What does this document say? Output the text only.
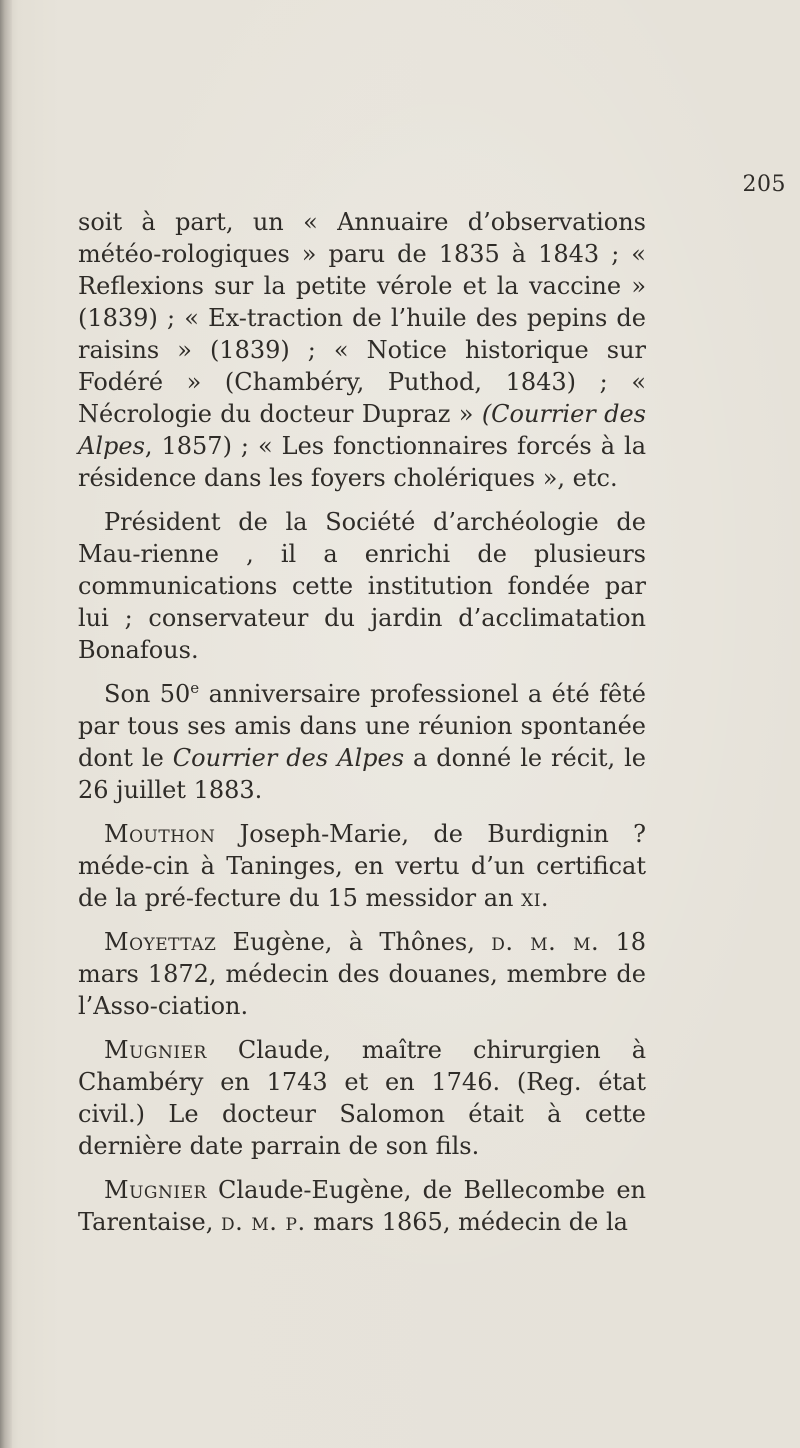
205

soit à part, un « Annuaire d’observations météo-rologiques » paru de 1835 à 1843 ; « Reflexions sur la petite vérole et la vaccine » (1839) ; « Ex-traction de l’huile des pepins de raisins » (1839) ; « Notice historique sur Fodéré » (Chambéry, Puthod, 1843) ; « Nécrologie du docteur Dupraz » (Courrier des Alpes, 1857) ; « Les fonctionnaires forcés à la résidence dans les foyers cholériques », etc.

Président de la Société d’archéologie de Mau-rienne , il a enrichi de plusieurs communications cette institution fondée par lui ; conservateur du jardin d’acclimatation Bonafous.

Son 50e anniversaire professionel a été fêté par tous ses amis dans une réunion spontanée dont le Courrier des Alpes a donné le récit, le 26 juillet 1883.

Mouthon Joseph-Marie, de Burdignin ? méde-cin à Taninges, en vertu d’un certificat de la pré-fecture du 15 messidor an xi.

Moyettaz Eugène, à Thônes, d. m. m. 18 mars 1872, médecin des douanes, membre de l’Asso-ciation.

Mugnier Claude, maître chirurgien à Chambéry en 1743 et en 1746. (Reg. état civil.) Le docteur Salomon était à cette dernière date parrain de son fils.

Mugnier Claude-Eugène, de Bellecombe en Tarentaise, d. m. p. mars 1865, médecin de la
